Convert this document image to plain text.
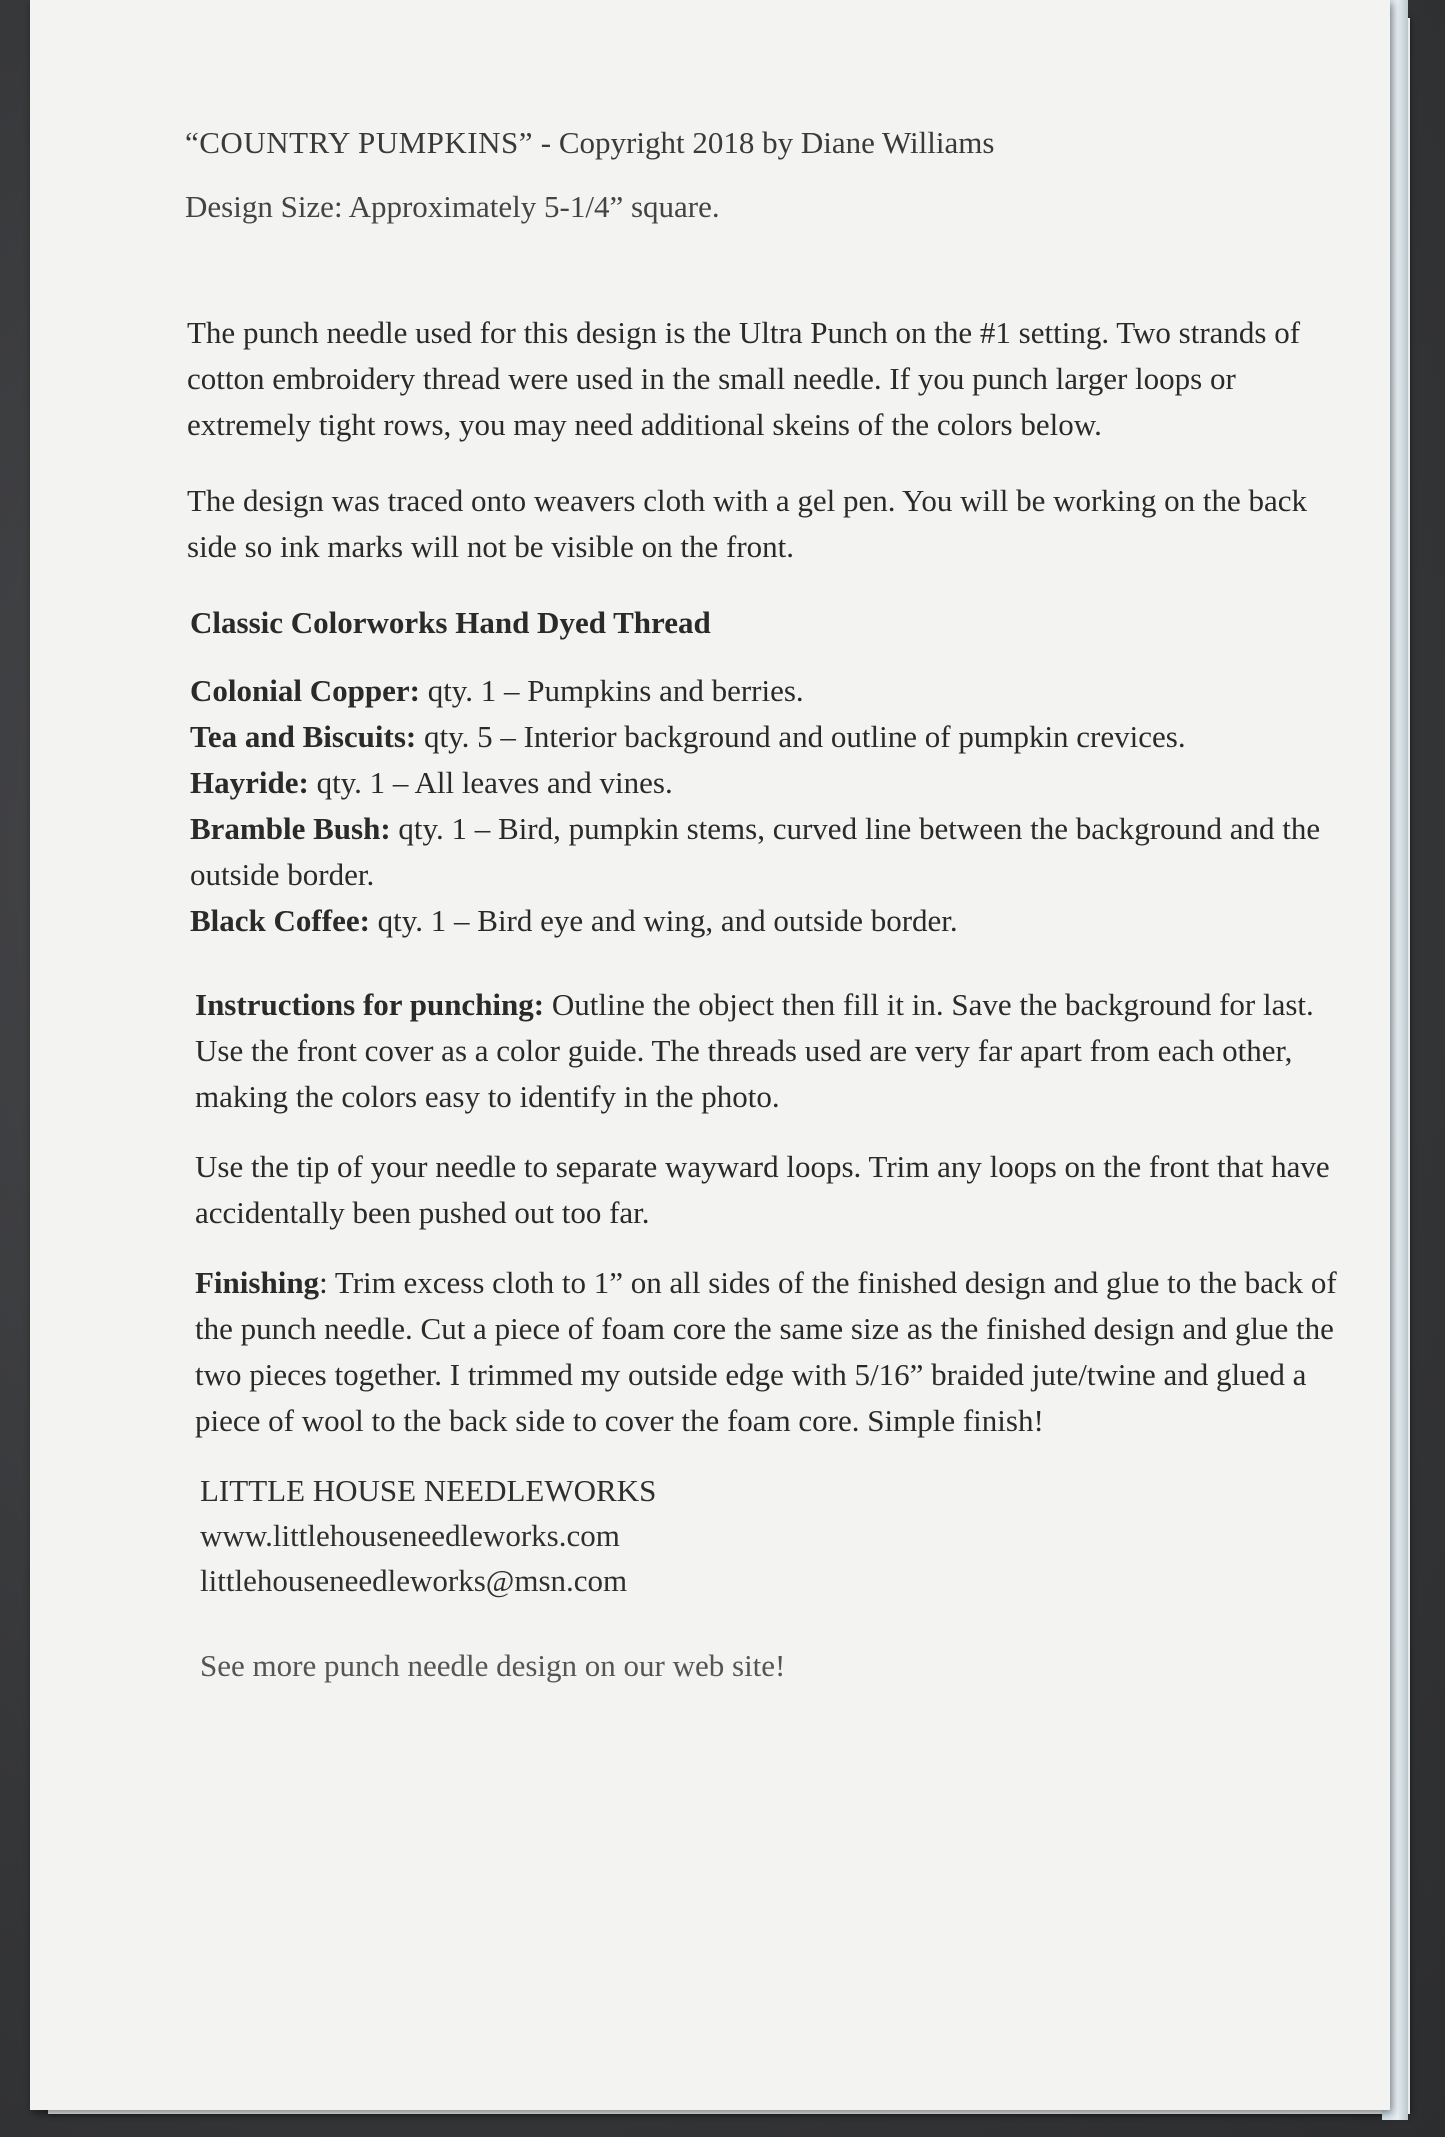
“COUNTRY PUMPKINS” - Copyright 2018 by Diane Williams
Design Size: Approximately 5-1/4” square.

The punch needle used for this design is the Ultra Punch on the #1 setting. Two strands of cotton embroidery thread were used in the small needle. If you punch larger loops or extremely tight rows, you may need additional skeins of the colors below.

The design was traced onto weavers cloth with a gel pen. You will be working on the back side so ink marks will not be visible on the front.

Classic Colorworks Hand Dyed Thread
Colonial Copper: qty. 1 – Pumpkins and berries.
Tea and Biscuits: qty. 5 – Interior background and outline of pumpkin crevices.
Hayride: qty. 1 – All leaves and vines.
Bramble Bush: qty. 1 – Bird, pumpkin stems, curved line between the background and the outside border.
Black Coffee: qty. 1 – Bird eye and wing, and outside border.

Instructions for punching: Outline the object then fill it in. Save the background for last. Use the front cover as a color guide. The threads used are very far apart from each other, making the colors easy to identify in the photo.

Use the tip of your needle to separate wayward loops. Trim any loops on the front that have accidentally been pushed out too far.

Finishing: Trim excess cloth to 1” on all sides of the finished design and glue to the back of the punch needle. Cut a piece of foam core the same size as the finished design and glue the two pieces together. I trimmed my outside edge with 5/16” braided jute/twine and glued a piece of wool to the back side to cover the foam core. Simple finish!

LITTLE HOUSE NEEDLEWORKS
www.littlehouseneedleworks.com
littlehouseneedleworks@msn.com
See more punch needle design on our web site!
